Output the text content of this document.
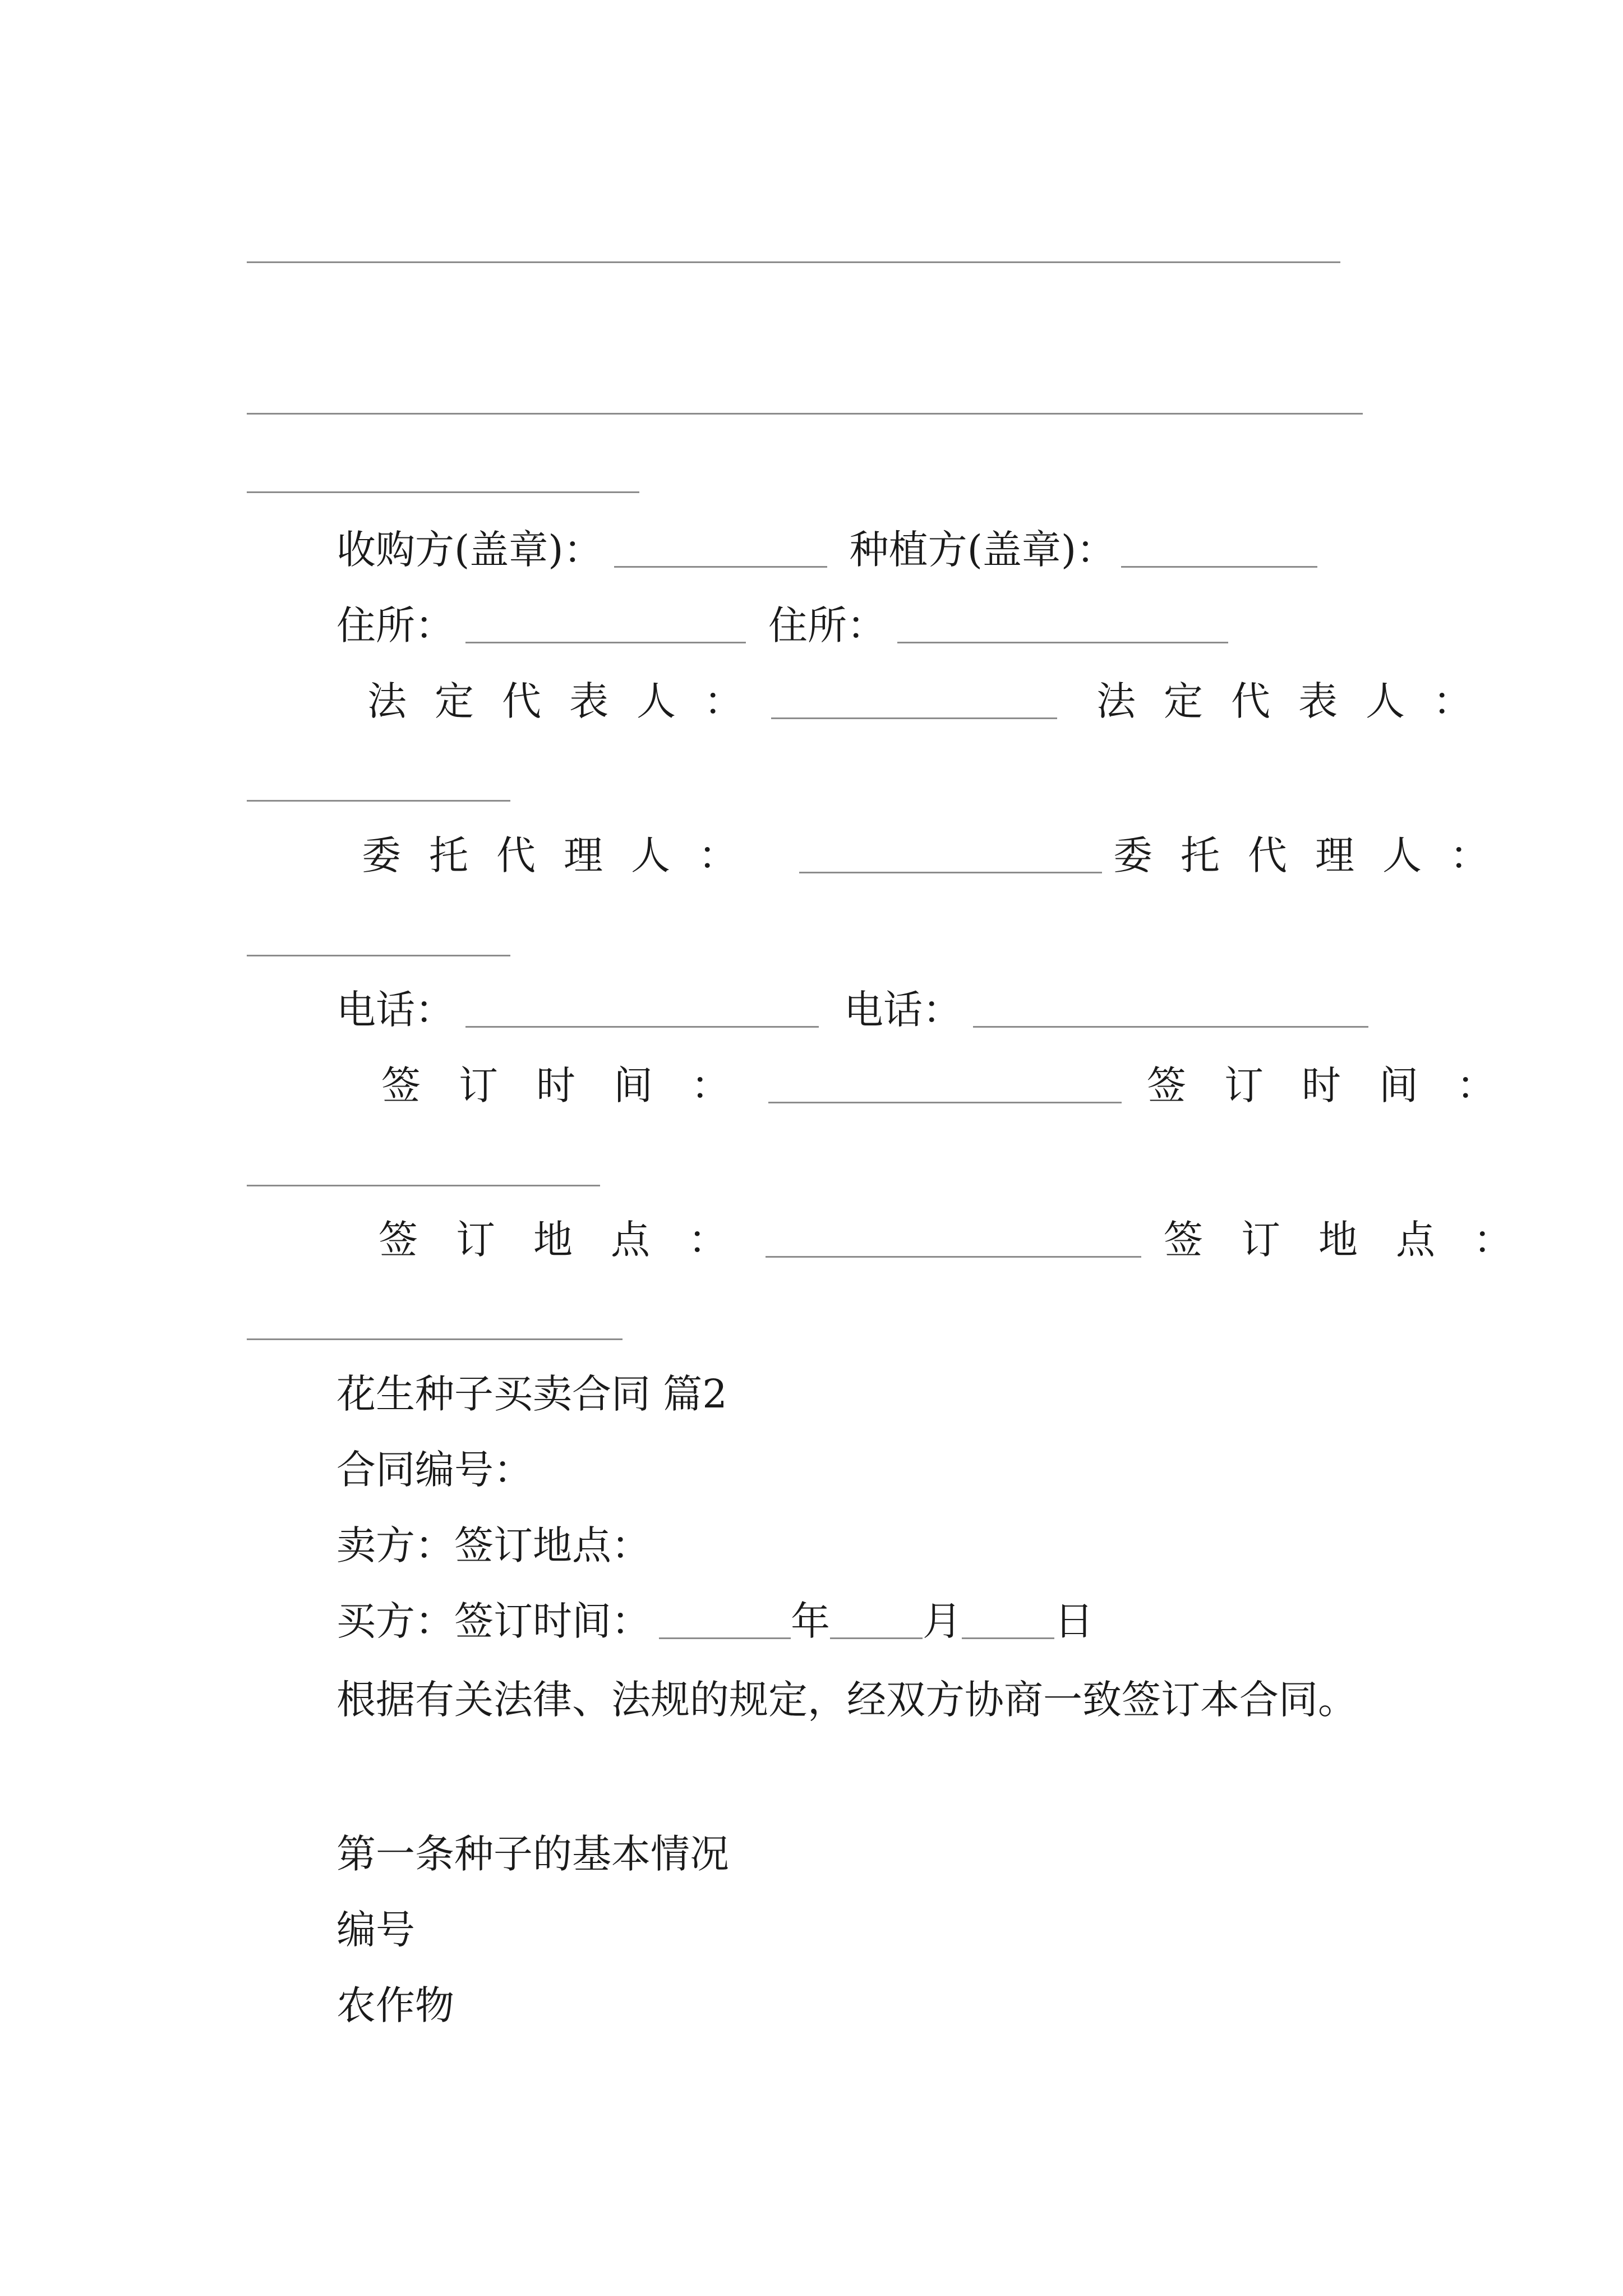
收购方(盖章)：	种植方(盖章)：
住所：	住所：
法定代表人：	法定代表人：
委托代理人：	委托代理人：
电话：	电话：
签订时间：	签订时间：
签订地点：	签订地点：
花生种子买卖合同 篇2
合同编号：
卖方： 签订地点：
买方： 签订时间：	年 月 日
根据有关法律、法规的规定，经双方协商一致签订本合同。
第一条种子的基本情况
编号
农作物
